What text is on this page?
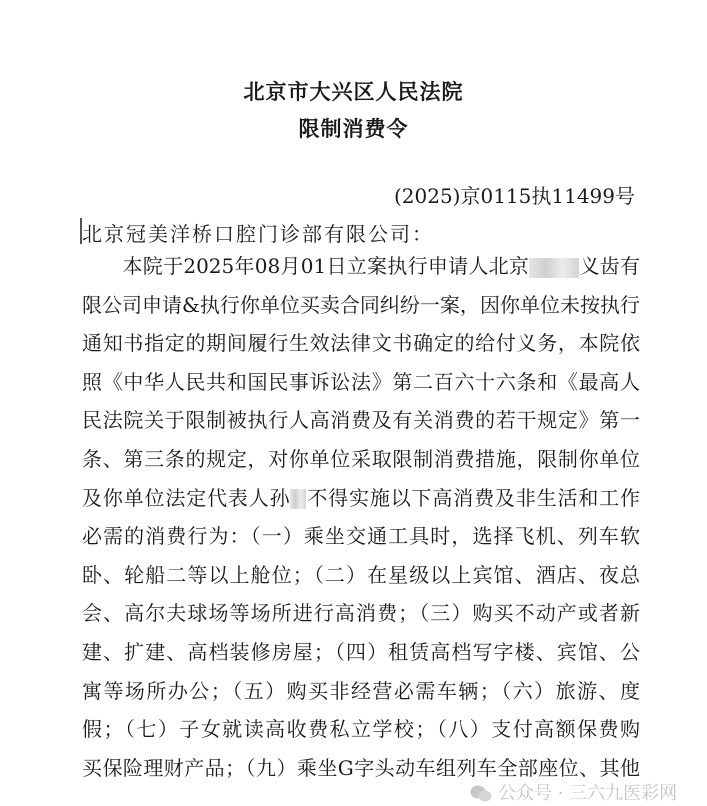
北京市大兴区人民法院
限制消费令
(2025)京0115执11499号
北京冠美洋桥口腔门诊部有限公司：
　　本院于2025年08月01日立案执行申请人北京	义齿有
限公司申请&执行你单位买卖合同纠纷一案，因你单位未按执行
通知书指定的期间履行生效法律文书确定的给付义务，本院依
照《中华人民共和国民事诉讼法》第二百六十六条和《最高人
民法院关于限制被执行人高消费及有关消费的若干规定》第一
条、第三条的规定，对你单位采取限制消费措施，限制你单位
及你单位法定代表人孙 不得实施以下高消费及非生活和工作
必需的消费行为：（一）乘坐交通工具时，选择飞机、列车软
卧、轮船二等以上舱位；（二）在星级以上宾馆、酒店、夜总
会、高尔夫球场等场所进行高消费；（三）购买不动产或者新
建、扩建、高档装修房屋；（四）租赁高档写字楼、宾馆、公
寓等场所办公；（五）购买非经营必需车辆；（六）旅游、度
假；（七）子女就读高收费私立学校；（八）支付高额保费购
买保险理财产品；（九）乘坐G字头动车组列车全部座位、其他
公众号 · 三六九医彩网
